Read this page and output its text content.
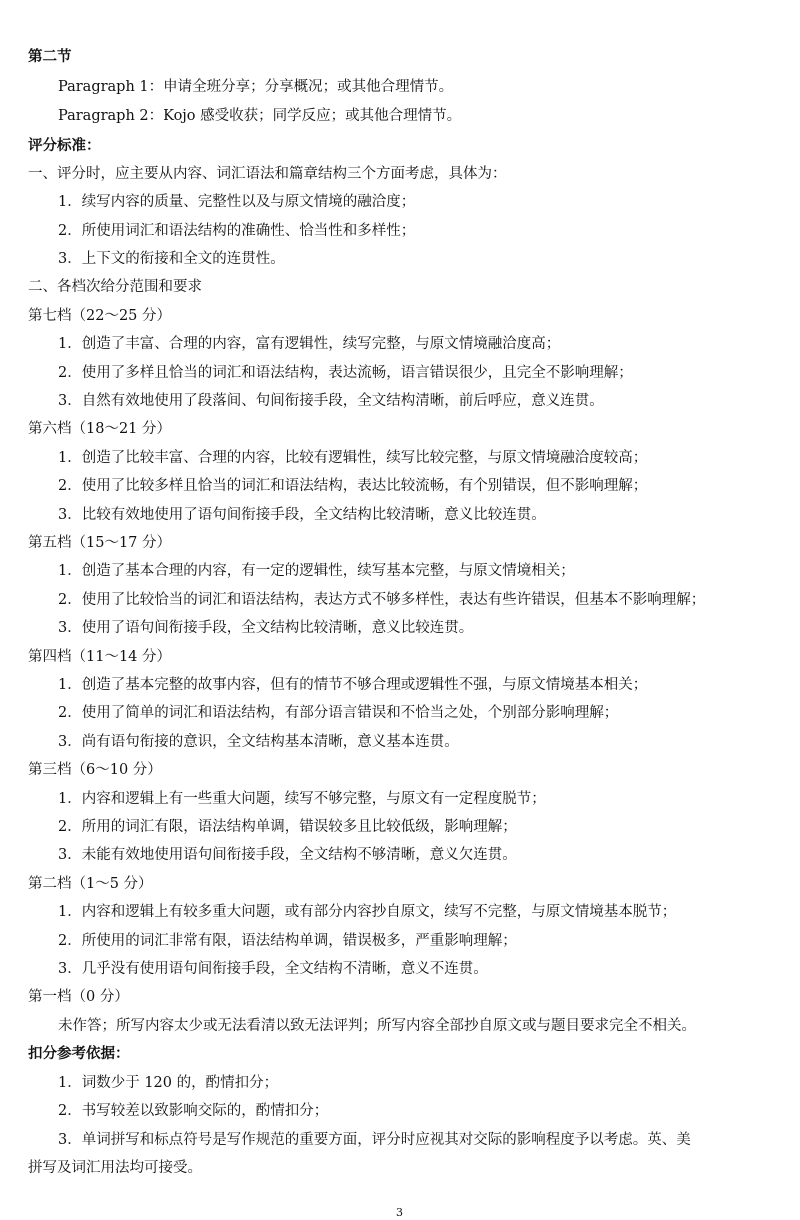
第二节
Paragraph 1：申请全班分享；分享概况；或其他合理情节。
Paragraph 2：Kojo 感受收获；同学反应；或其他合理情节。
评分标准：
一、评分时，应主要从内容、词汇语法和篇章结构三个方面考虑，具体为：
1．续写内容的质量、完整性以及与原文情境的融洽度；
2．所使用词汇和语法结构的准确性、恰当性和多样性；
3．上下文的衔接和全文的连贯性。
二、各档次给分范围和要求
第七档（22～25 分）
1．创造了丰富、合理的内容，富有逻辑性，续写完整，与原文情境融洽度高；
2．使用了多样且恰当的词汇和语法结构，表达流畅，语言错误很少，且完全不影响理解；
3．自然有效地使用了段落间、句间衔接手段，全文结构清晰，前后呼应，意义连贯。
第六档（18～21 分）
1．创造了比较丰富、合理的内容，比较有逻辑性，续写比较完整，与原文情境融洽度较高；
2．使用了比较多样且恰当的词汇和语法结构，表达比较流畅，有个别错误，但不影响理解；
3．比较有效地使用了语句间衔接手段，全文结构比较清晰，意义比较连贯。
第五档（15～17 分）
1．创造了基本合理的内容，有一定的逻辑性，续写基本完整，与原文情境相关；
2．使用了比较恰当的词汇和语法结构，表达方式不够多样性，表达有些许错误，但基本不影响理解；
3．使用了语句间衔接手段，全文结构比较清晰，意义比较连贯。
第四档（11～14 分）
1．创造了基本完整的故事内容，但有的情节不够合理或逻辑性不强，与原文情境基本相关；
2．使用了简单的词汇和语法结构，有部分语言错误和不恰当之处，个别部分影响理解；
3．尚有语句衔接的意识，全文结构基本清晰，意义基本连贯。
第三档（6～10 分）
1．内容和逻辑上有一些重大问题，续写不够完整，与原文有一定程度脱节；
2．所用的词汇有限，语法结构单调，错误较多且比较低级，影响理解；
3．未能有效地使用语句间衔接手段，全文结构不够清晰，意义欠连贯。
第二档（1～5 分）
1．内容和逻辑上有较多重大问题，或有部分内容抄自原文，续写不完整，与原文情境基本脱节；
2．所使用的词汇非常有限，语法结构单调，错误极多，严重影响理解；
3．几乎没有使用语句间衔接手段，全文结构不清晰，意义不连贯。
第一档（0 分）
未作答；所写内容太少或无法看清以致无法评判；所写内容全部抄自原文或与题目要求完全不相关。
扣分参考依据：
1．词数少于 120 的，酌情扣分；
2．书写较差以致影响交际的，酌情扣分；
3．单词拼写和标点符号是写作规范的重要方面，评分时应视其对交际的影响程度予以考虑。英、美
拼写及词汇用法均可接受。
3
